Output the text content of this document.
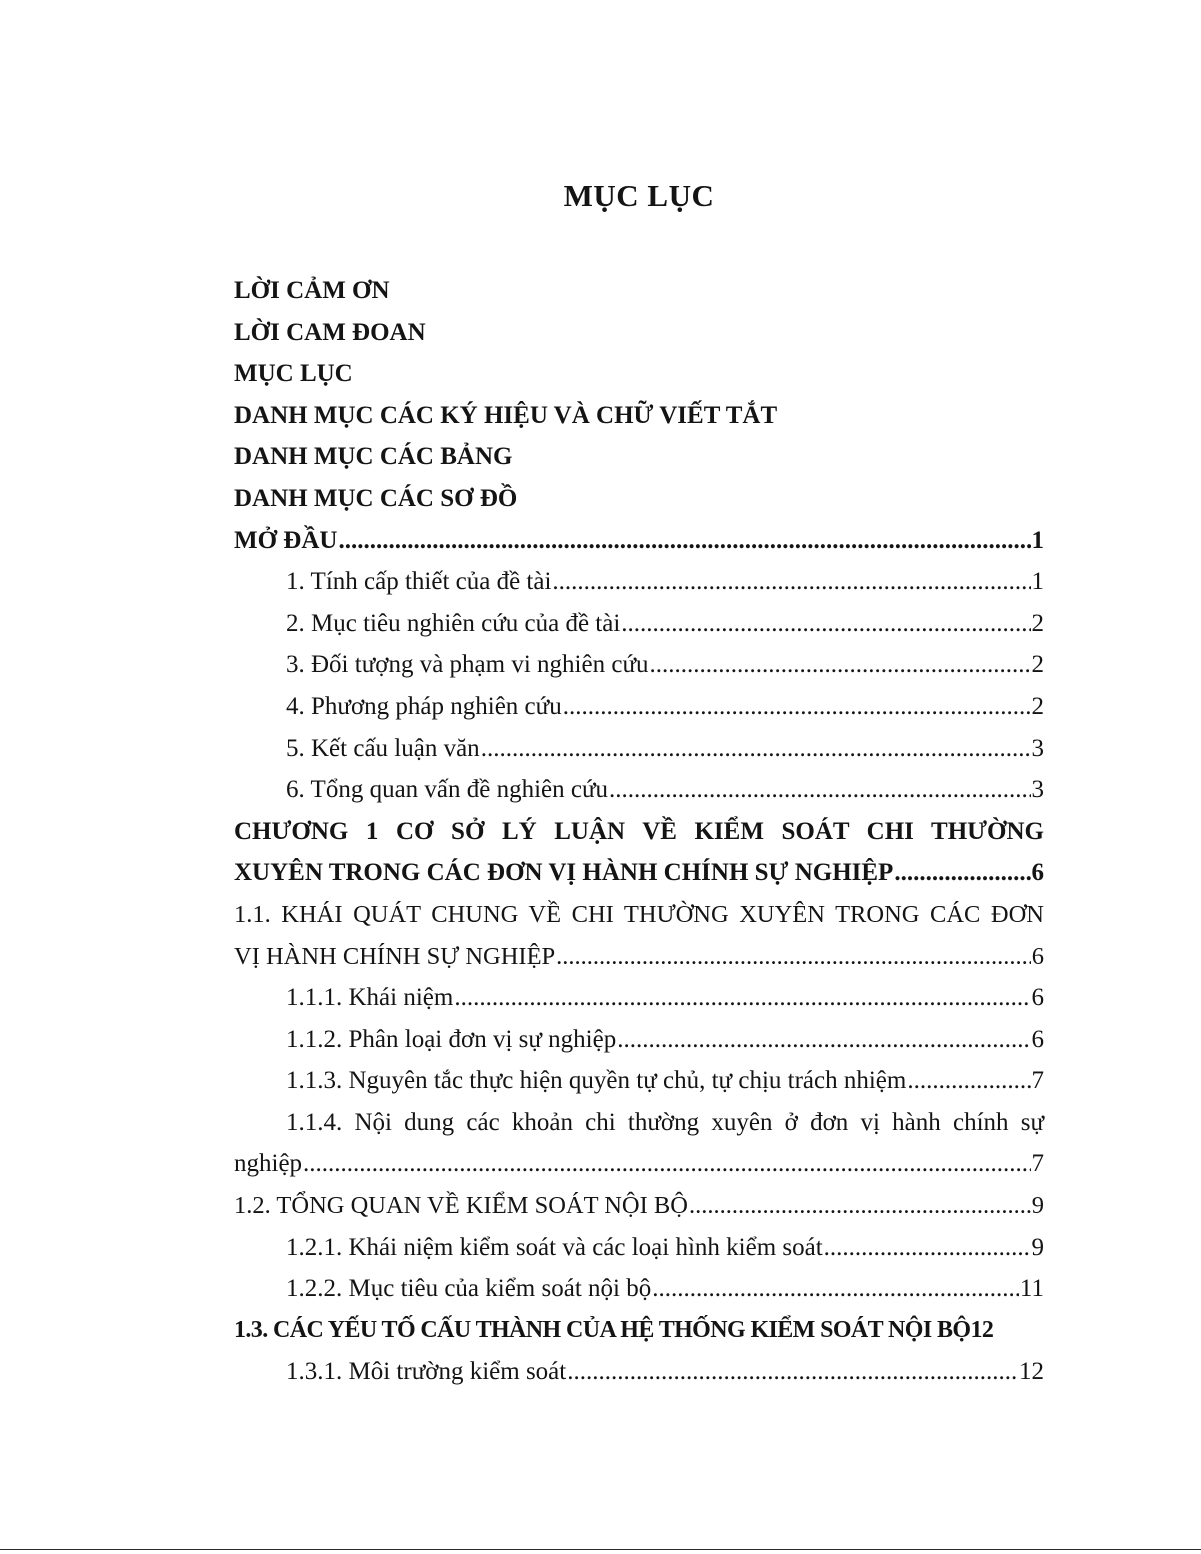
MỤC LỤC
LỜI CẢM ƠN
LỜI CAM ĐOAN
MỤC LỤC
DANH MỤC CÁC KÝ HIỆU VÀ CHỮ VIẾT TẮT
DANH MỤC CÁC BẢNG
DANH MỤC CÁC SƠ ĐỒ
MỞ ĐẦU .....	1
1. Tính cấp thiết của đề tài .....	1
2. Mục tiêu nghiên cứu của đề tài .....	2
3. Đối tượng và phạm vi nghiên cứu .....	2
4. Phương pháp nghiên cứu .....	2
5. Kết cấu luận văn .....	3
6. Tổng quan vấn đề nghiên cứu .....	3
CHƯƠNG 1 CƠ SỞ LÝ LUẬN VỀ KIỂM SOÁT CHI THƯỜNG
XUYÊN TRONG CÁC ĐƠN VỊ HÀNH CHÍNH SỰ NGHIỆP .....	6
1.1. KHÁI QUÁT CHUNG VỀ CHI THƯỜNG XUYÊN TRONG CÁC ĐƠN
VỊ HÀNH CHÍNH SỰ NGHIỆP .....	6
1.1.1. Khái niệm .....	6
1.1.2. Phân loại đơn vị sự nghiệp .....	6
1.1.3. Nguyên tắc thực hiện quyền tự chủ, tự chịu trách nhiệm .....	7
1.1.4. Nội dung các khoản chi thường xuyên ở đơn vị hành chính sự
nghiệp .....	7
1.2. TỔNG QUAN VỀ KIỂM SOÁT NỘI BỘ .....	9
1.2.1. Khái niệm kiểm soát và các loại hình kiểm soát .....	9
1.2.2. Mục tiêu của kiểm soát nội bộ .....	11
1.3. CÁC YẾU TỐ CẤU THÀNH CỦA HỆ THỐNG KIỂM SOÁT NỘI BỘ12
1.3.1. Môi trường kiểm soát .....	12
